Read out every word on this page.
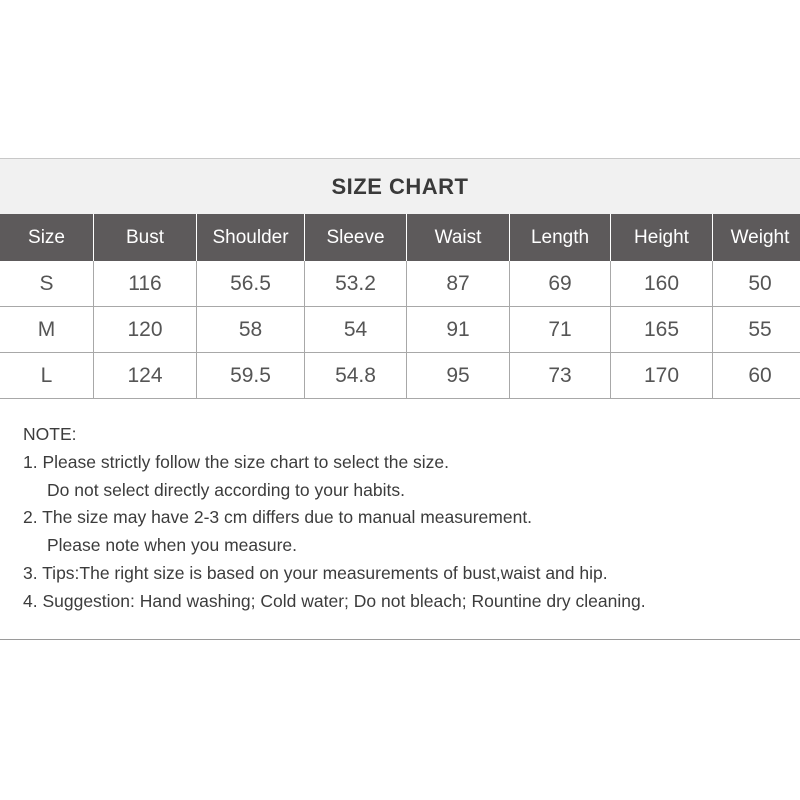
SIZE CHART
Size	Bust	Shoulder	Sleeve	Waist	Length	Height	Weight
S	116	56.5	53.2	87	69	160	50
M	120	58	54	91	71	165	55
L	124	59.5	54.8	95	73	170	60
NOTE:
1. Please strictly follow the size chart to select the size.
Do not select directly according to your habits.
2. The size may have 2-3 cm differs due to manual measurement.
Please note when you measure.
3. Tips:The right size is based on your measurements of bust,waist and hip.
4. Suggestion: Hand washing; Cold water; Do not bleach; Rountine dry cleaning.
